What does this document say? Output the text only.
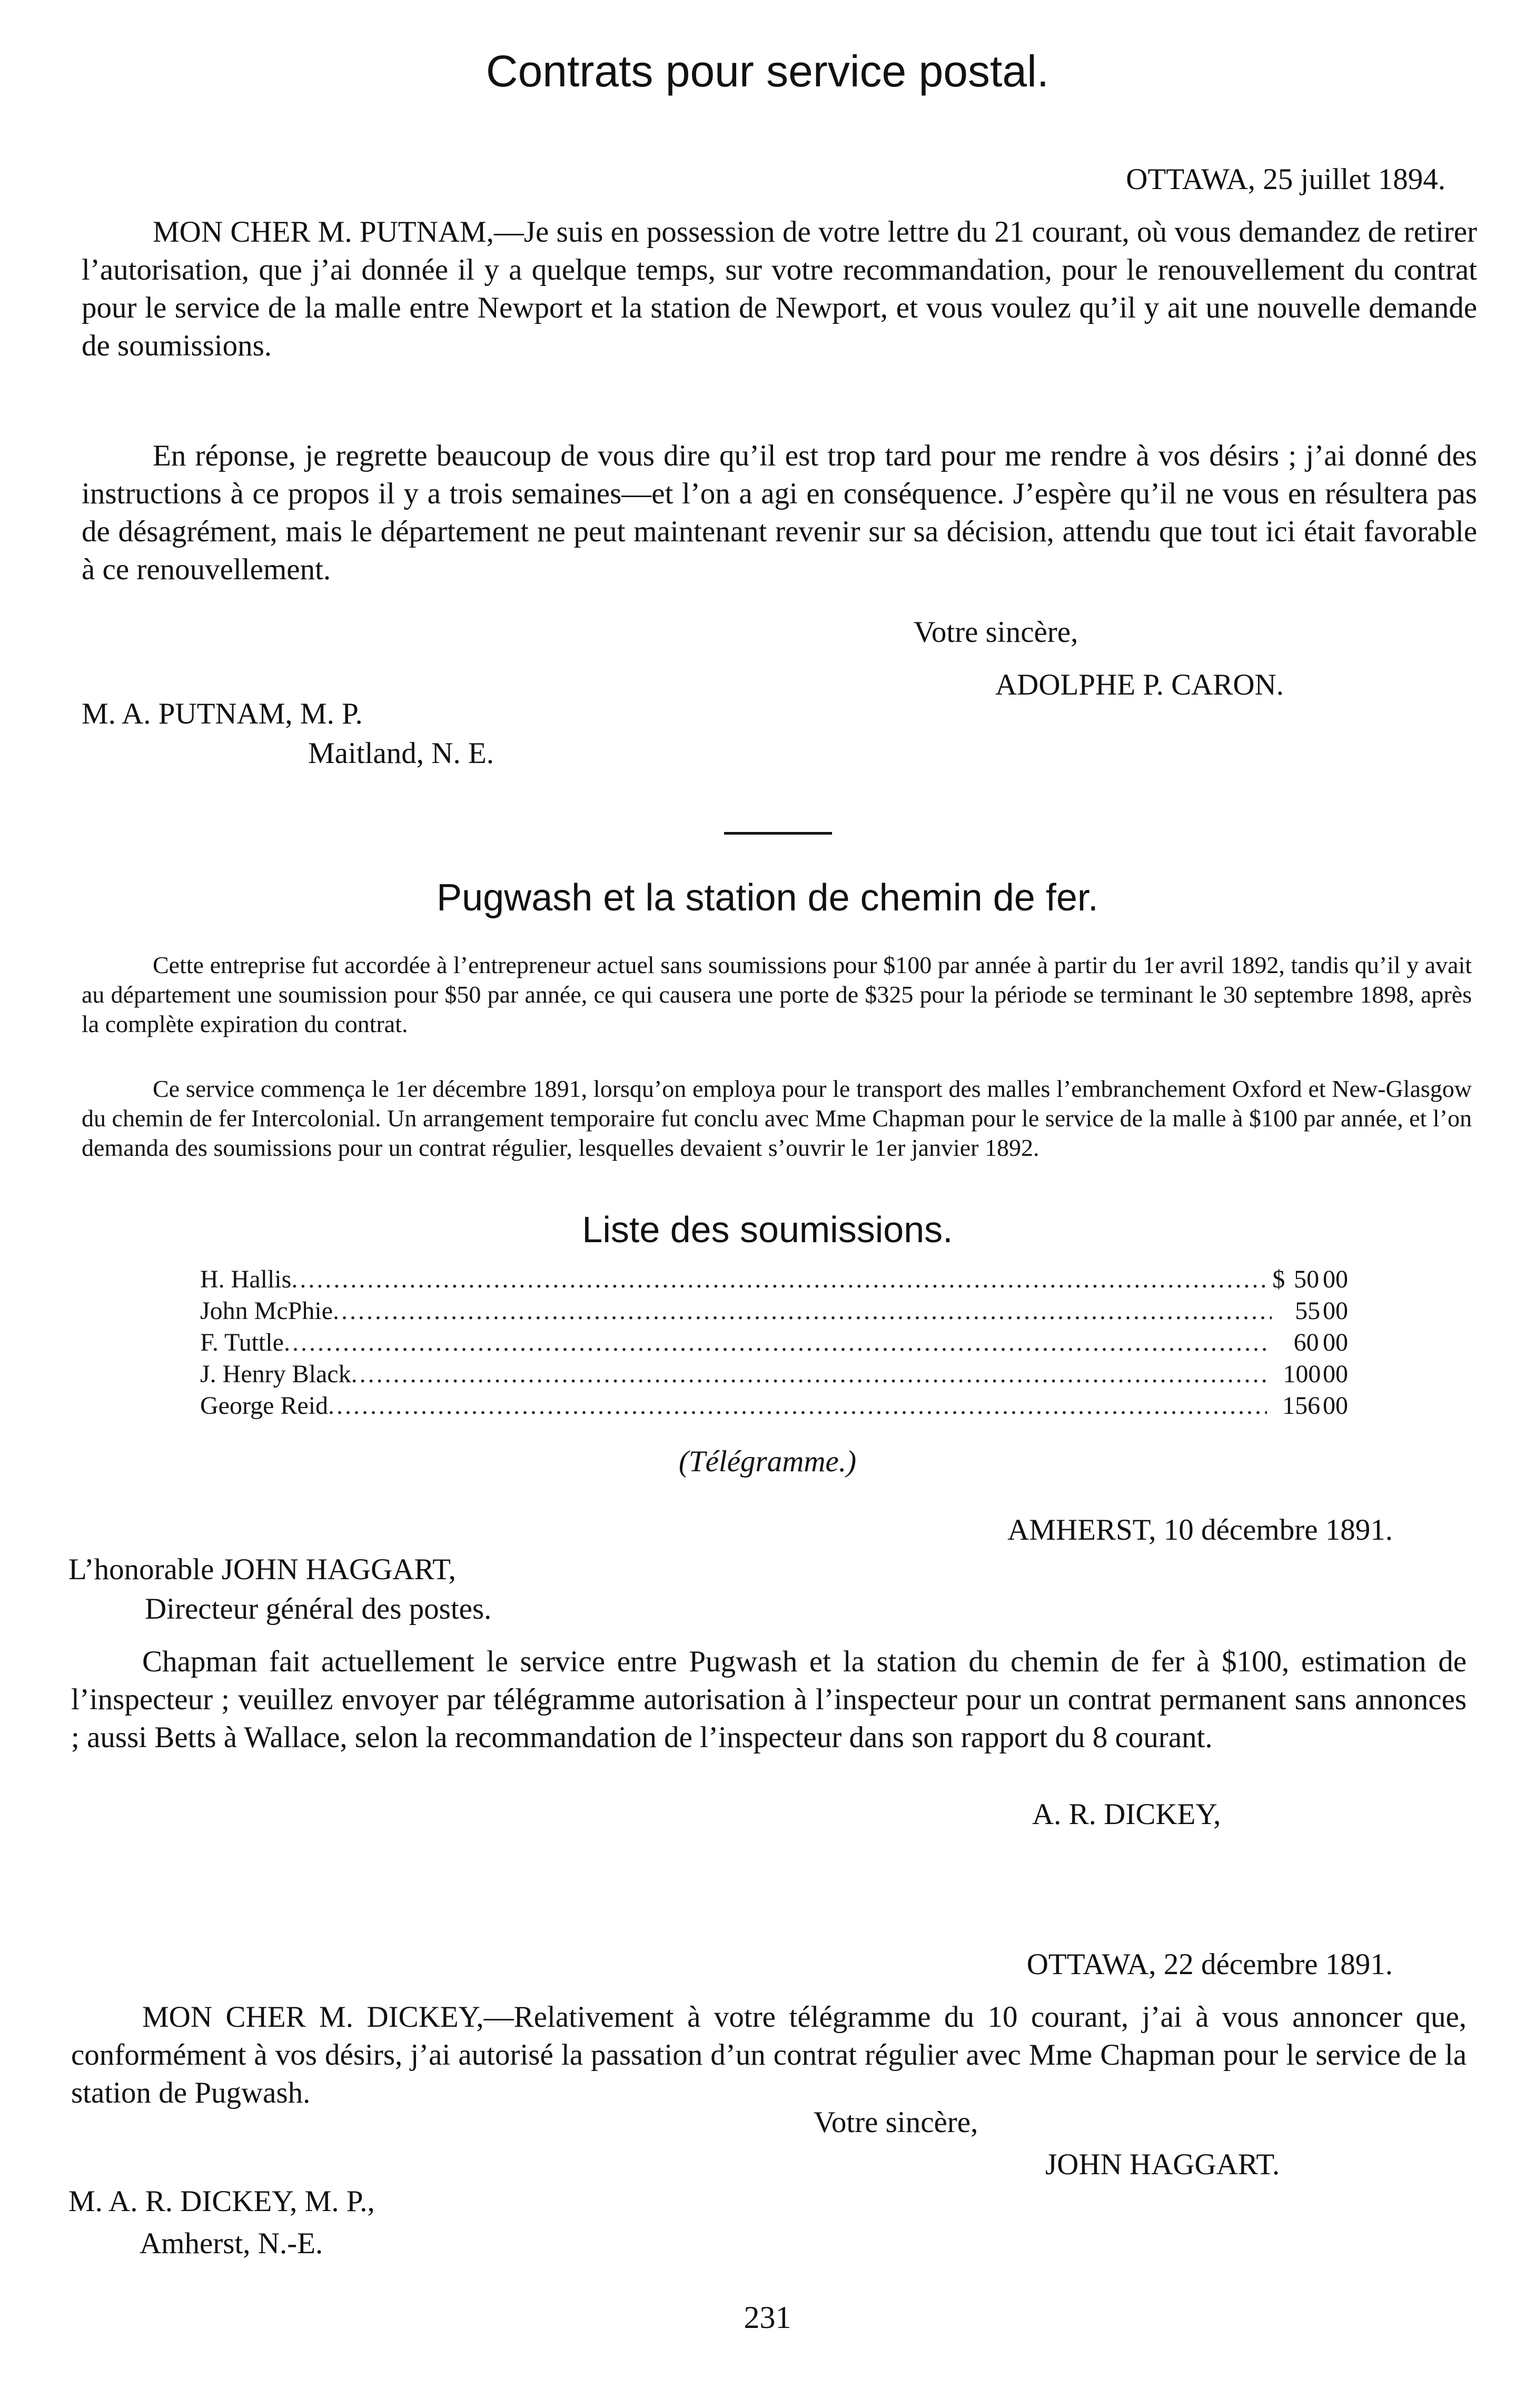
Contrats pour service postal.
OTTAWA, 25 juillet 1894.
MON CHER M. PUTNAM,—Je suis en possession de votre lettre du 21 courant, où vous demandez de retirer l’autorisation, que j’ai donnée il y a quelque temps, sur votre recommandation, pour le renouvellement du contrat pour le service de la malle entre Newport et la station de Newport, et vous voulez qu’il y ait une nouvelle demande de soumissions.
En réponse, je regrette beaucoup de vous dire qu’il est trop tard pour me rendre à vos désirs ; j’ai donné des instructions à ce propos il y a trois semaines—et l’on a agi en conséquence. J’espère qu’il ne vous en résultera pas de désagrément, mais le département ne peut maintenant revenir sur sa décision, attendu que tout ici était favorable à ce renouvellement.
Votre sincère,
ADOLPHE P. CARON.
M. A. PUTNAM, M. P.
Maitland, N. E.
Pugwash et la station de chemin de fer.
Cette entreprise fut accordée à l’entrepreneur actuel sans soumissions pour $100 par année à partir du 1er avril 1892, tandis qu’il y avait au département une soumission pour $50 par année, ce qui causera une porte de $325 pour la période se terminant le 30 septembre 1898, après la complète expiration du contrat.
Ce service commença le 1er décembre 1891, lorsqu’on employa pour le transport des malles l’embranchement Oxford et New-Glasgow du chemin de fer Intercolonial. Un arrangement temporaire fut conclu avec Mme Chapman pour le service de la malle à $100 par année, et l’on demanda des soumissions pour un contrat régulier, lesquelles devaient s’ouvrir le 1er janvier 1892.
Liste des soumissions.
H. Hallis .....	$ 50 00
John McPhie .....	55 00
F. Tuttle .....	60 00
J. Henry Black .....	100 00
George Reid .....	156 00
(Télégramme.)
AMHERST, 10 décembre 1891.
L’honorable JOHN HAGGART,
Directeur général des postes.
Chapman fait actuellement le service entre Pugwash et la station du chemin de fer à $100, estimation de l’inspecteur ; veuillez envoyer par télégramme autorisation à l’inspecteur pour un contrat permanent sans annonces ; aussi Betts à Wallace, selon la recommandation de l’inspecteur dans son rapport du 8 courant.
A. R. DICKEY,
OTTAWA, 22 décembre 1891.
MON CHER M. DICKEY,—Relativement à votre télégramme du 10 courant, j’ai à vous annoncer que, conformément à vos désirs, j’ai autorisé la passation d’un contrat régulier avec Mme Chapman pour le service de la station de Pugwash.
Votre sincère,
JOHN HAGGART.
M. A. R. DICKEY, M. P.,
Amherst, N.-E.
231
